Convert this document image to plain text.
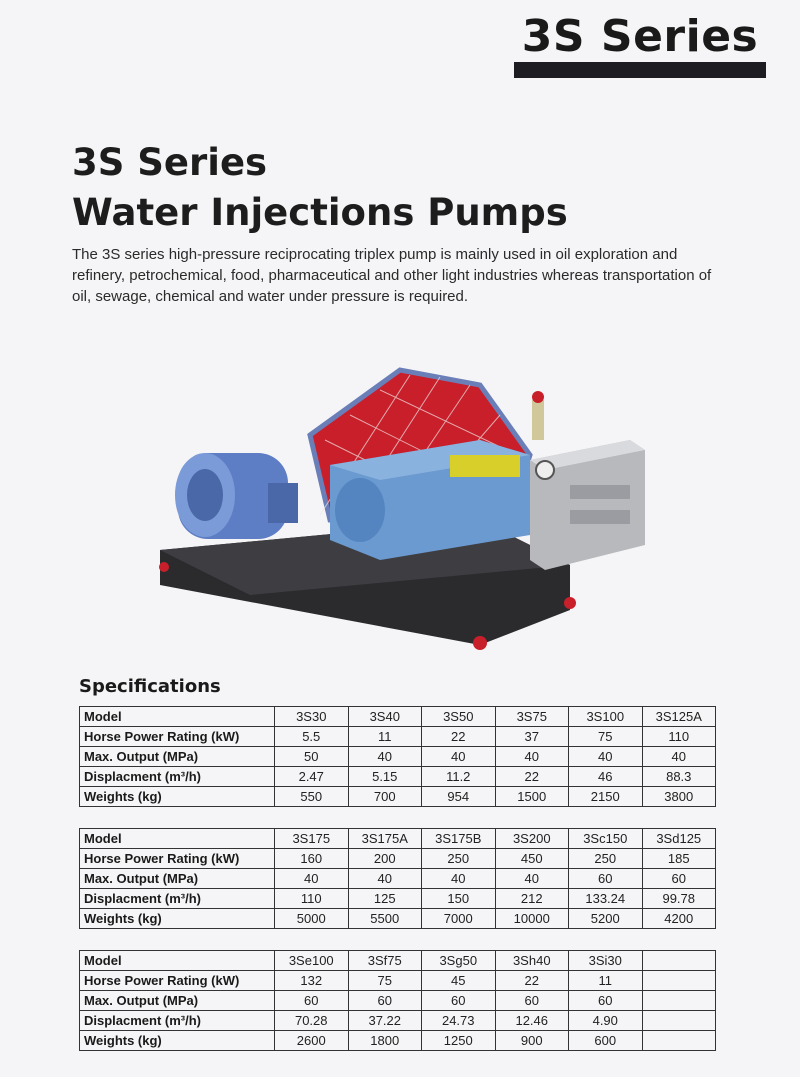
3S Series
3S Series
Water Injections Pumps

The 3S series high-pressure reciprocating triplex pump is mainly used in oil exploration and refinery, petrochemical, food, pharmaceutical and other light industries whereas transportation of oil, sewage, chemical and water under pressure is required.

Specifications
Model	3S30	3S40	3S50	3S75	3S100	3S125A
Horse Power Rating (kW)	5.5	11	22	37	75	110
Max. Output (MPa)	50	40	40	40	40	40
Displacment (m³/h)	2.47	5.15	11.2	22	46	88.3
Weights (kg)	550	700	954	1500	2150	3800
Model	3S175	3S175A	3S175B	3S200	3Sc150	3Sd125
Horse Power Rating (kW)	160	200	250	450	250	185
Max. Output (MPa)	40	40	40	40	60	60
Displacment (m³/h)	110	125	150	212	133.24	99.78
Weights (kg)	5000	5500	7000	10000	5200	4200
Model	3Se100	3Sf75	3Sg50	3Sh40	3Si30	
Horse Power Rating (kW)	132	75	45	22	11	
Max. Output (MPa)	60	60	60	60	60	
Displacment (m³/h)	70.28	37.22	24.73	12.46	4.90	
Weights (kg)	2600	1800	1250	900	600	
